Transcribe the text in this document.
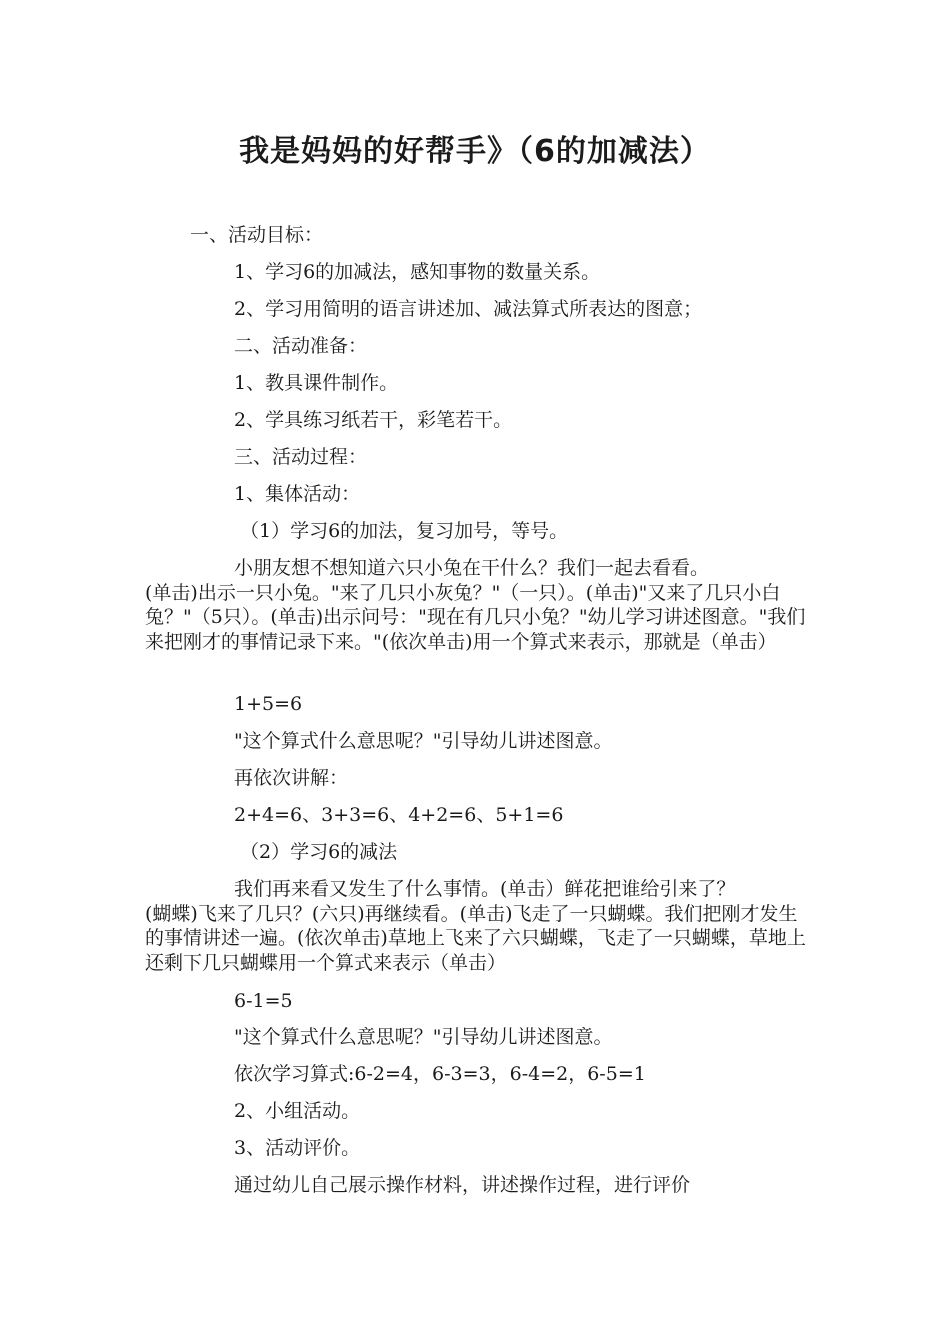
我是妈妈的好帮手》（6的加减法）
一、活动目标：
1、学习6的加减法，感知事物的数量关系。
2、学习用简明的语言讲述加、减法算式所表达的图意；
二、活动准备：
1、教具课件制作。
2、学具练习纸若干，彩笔若干。
三、活动过程：
1、集体活动：
（1）学习6的加法，复习加号，等号。
小朋友想不想知道六只小兔在干什么？我们一起去看看。
(单击)出示一只小兔。"来了几只小灰兔？"（一只）。(单击)"又来了几只小白兔？"（5只）。(单击)出示问号："现在有几只小兔？"幼儿学习讲述图意。"我们来把刚才的事情记录下来。"(依次单击)用一个算式来表示，那就是（单击）
1+5=6
"这个算式什么意思呢？"引导幼儿讲述图意。
再依次讲解：
2+4=6、3+3=6、4+2=6、5+1=6
（2）学习6的减法
我们再来看又发生了什么事情。(单击）鲜花把谁给引来了？
(蝴蝶)飞来了几只？(六只)再继续看。(单击)飞走了一只蝴蝶。我们把刚才发生的事情讲述一遍。(依次单击)草地上飞来了六只蝴蝶，飞走了一只蝴蝶，草地上还剩下几只蝴蝶用一个算式来表示（单击）
6-1=5
"这个算式什么意思呢？"引导幼儿讲述图意。
依次学习算式:6-2=4，6-3=3，6-4=2，6-5=1
2、小组活动。
3、活动评价。
通过幼儿自己展示操作材料，讲述操作过程，进行评价
